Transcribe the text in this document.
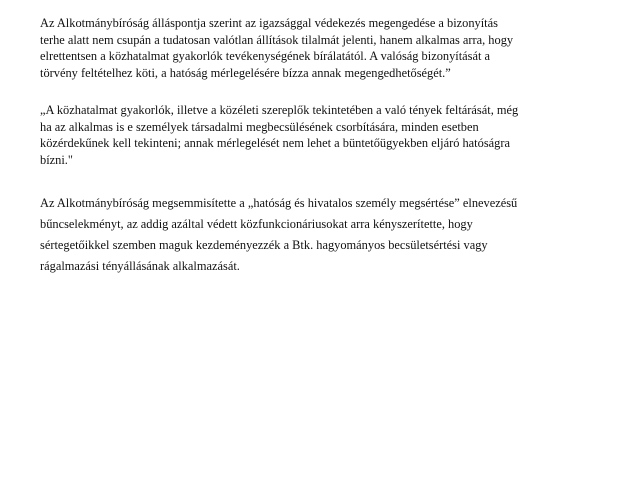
Az Alkotmánybíróság álláspontja szerint az igazsággal védekezés megengedése a bizonyítás
terhe alatt nem csupán a tudatosan valótlan állítások tilalmát jelenti, hanem alkalmas arra, hogy
elrettentsen a közhatalmat gyakorlók tevékenységének bírálatától. A valóság bizonyítását a
törvény feltételhez köti, a hatóság mérlegelésére bízza annak megengedhetőségét.”

„A közhatalmat gyakorlók, illetve a közéleti szereplők tekintetében a való tények feltárását, még
ha az alkalmas is e személyek társadalmi megbecsülésének csorbítására, minden esetben
közérdekűnek kell tekinteni; annak mérlegelését nem lehet a büntetőügyekben eljáró hatóságra
bízni."

Az Alkotmánybíróság megsemmisítette a „hatóság és hivatalos személy megsértése” elnevezésű
bűncselekményt, az addig azáltal védett közfunkcionáriusokat arra kényszerítette, hogy
sértegetőikkel szemben maguk kezdeményezzék a Btk. hagyományos becsületsértési vagy
rágalmazási tényállásának alkalmazását.
